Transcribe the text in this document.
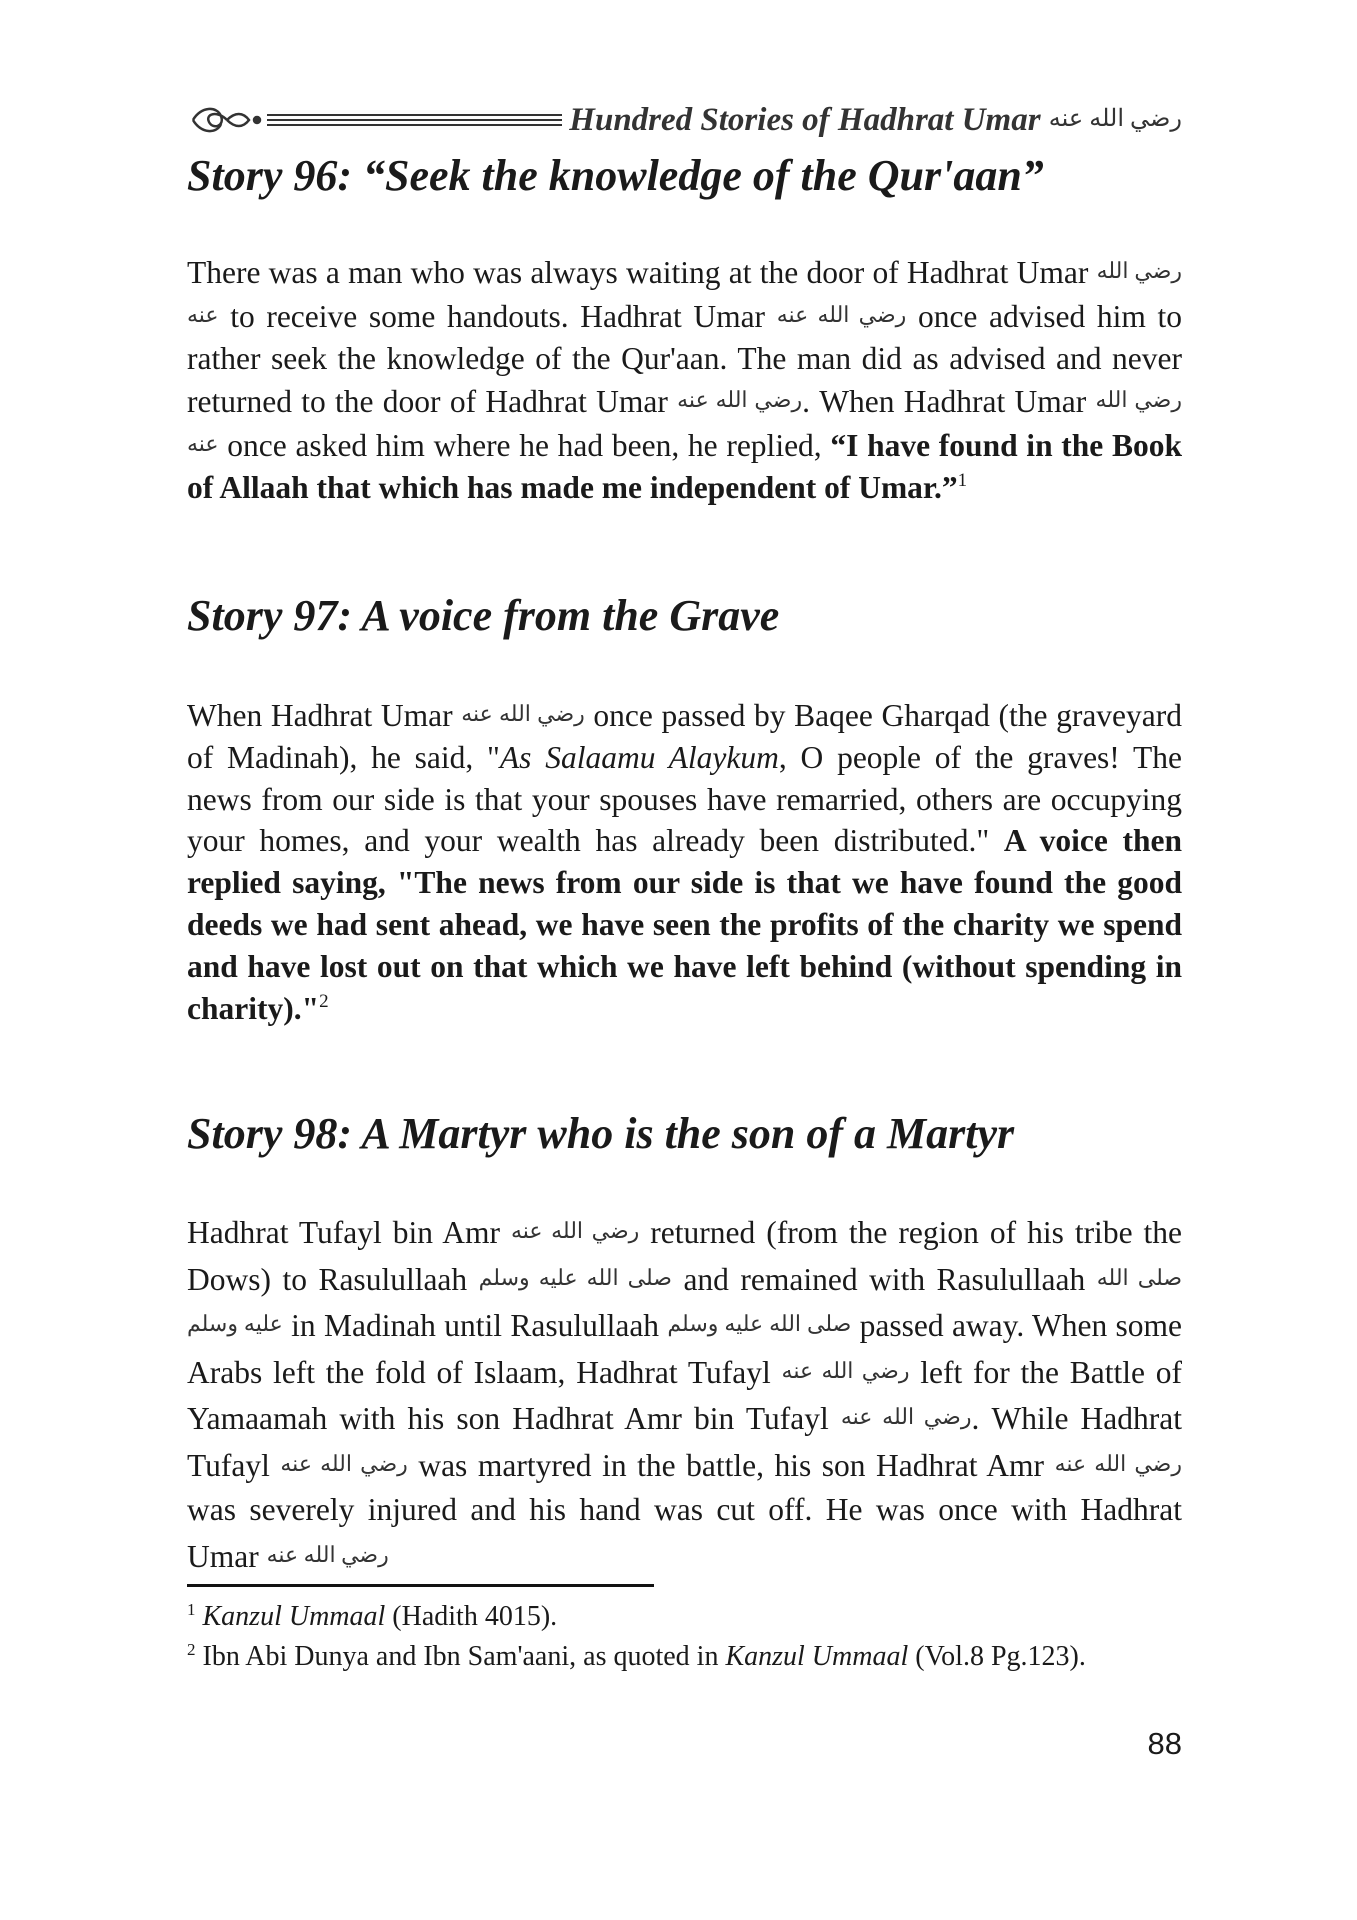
Hundred Stories of Hadhrat Umar رضي الله عنه
Story 96: “Seek the knowledge of the Qur'aan”

There was a man who was always waiting at the door of Hadhrat Umar رضي الله عنه to receive some handouts. Hadhrat Umar رضي الله عنه once advised him to rather seek the knowledge of the Qur'aan. The man did as advised and never returned to the door of Hadhrat Umar رضي الله عنه. When Hadhrat Umar رضي الله عنه once asked him where he had been, he replied, “I have found in the Book of Allaah that which has made me independent of Umar.”$^1$

Story 97: A voice from the Grave

When Hadhrat Umar رضي الله عنه once passed by Baqee Gharqad (the graveyard of Madinah), he said, "As Salaamu Alaykum, O people of the graves! The news from our side is that your spouses have remarried, others are occupying your homes, and your wealth has already been distributed." A voice then replied saying, "The news from our side is that we have found the good deeds we had sent ahead, we have seen the profits of the charity we spend and have lost out on that which we have left behind (without spending in charity)."$^2$

Story 98: A Martyr who is the son of a Martyr

Hadhrat Tufayl bin Amr رضي الله عنه returned (from the region of his tribe the Dows) to Rasulullaah صلى الله عليه وسلم and remained with Rasulullaah صلى الله عليه وسلم in Madinah until Rasulullaah صلى الله عليه وسلم passed away. When some Arabs left the fold of Islaam, Hadhrat Tufayl رضي الله عنه left for the Battle of Yamaamah with his son Hadhrat Amr bin Tufayl رضي الله عنه. While Hadhrat Tufayl رضي الله عنه was martyred in the battle, his son Hadhrat Amr رضي الله عنه was severely injured and his hand was cut off. He was once with Hadhrat Umar رضي الله عنه

$^1$ Kanzul Ummaal (Hadith 4015).

$^2$ Ibn Abi Dunya and Ibn Sam'aani, as quoted in Kanzul Ummaal (Vol.8 Pg.123).

88
